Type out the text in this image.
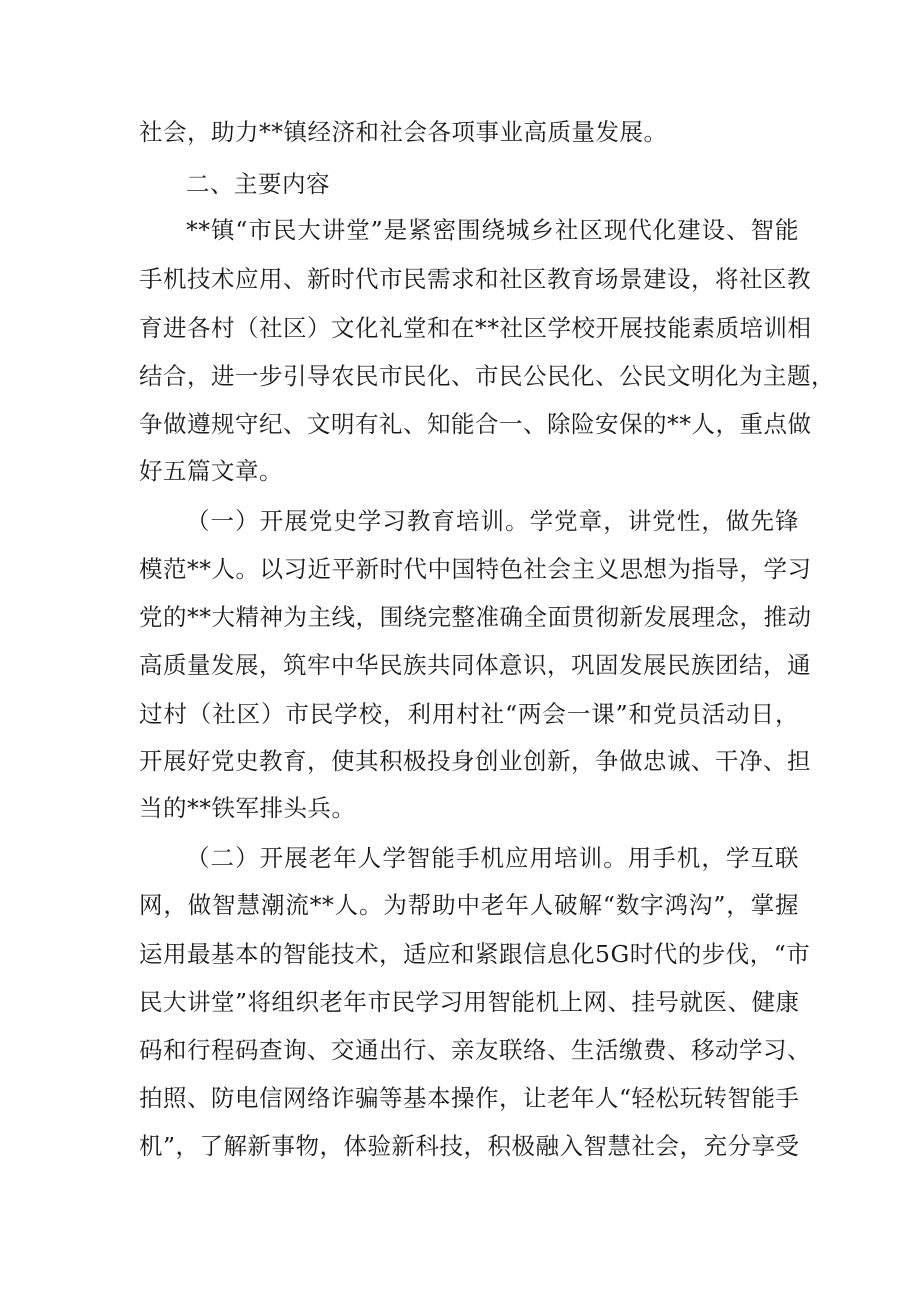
社会，助力**镇经济和社会各项事业高质量发展。
二、主要内容
**镇“市民大讲堂”是紧密围绕城乡社区现代化建设、智能
手机技术应用、新时代市民需求和社区教育场景建设，将社区教
育进各村（社区）文化礼堂和在**社区学校开展技能素质培训相
结合，进一步引导农民市民化、市民公民化、公民文明化为主题，
争做遵规守纪、文明有礼、知能合一、除险安保的**人，重点做
好五篇文章。
（一）开展党史学习教育培训。学党章，讲党性，做先锋
模范**人。以习近平新时代中国特色社会主义思想为指导，学习
党的**大精神为主线，围绕完整准确全面贯彻新发展理念，推动
高质量发展，筑牢中华民族共同体意识，巩固发展民族团结，通
过村（社区）市民学校，利用村社“两会一课”和党员活动日，
开展好党史教育，使其积极投身创业创新，争做忠诚、干净、担
当的**铁军排头兵。
（二）开展老年人学智能手机应用培训。用手机，学互联
网，做智慧潮流**人。为帮助中老年人破解“数字鸿沟”，掌握
运用最基本的智能技术，适应和紧跟信息化5G时代的步伐，“市
民大讲堂”将组织老年市民学习用智能机上网、挂号就医、健康
码和行程码查询、交通出行、亲友联络、生活缴费、移动学习、
拍照、防电信网络诈骗等基本操作，让老年人“轻松玩转智能手
机”，了解新事物，体验新科技，积极融入智慧社会，充分享受
